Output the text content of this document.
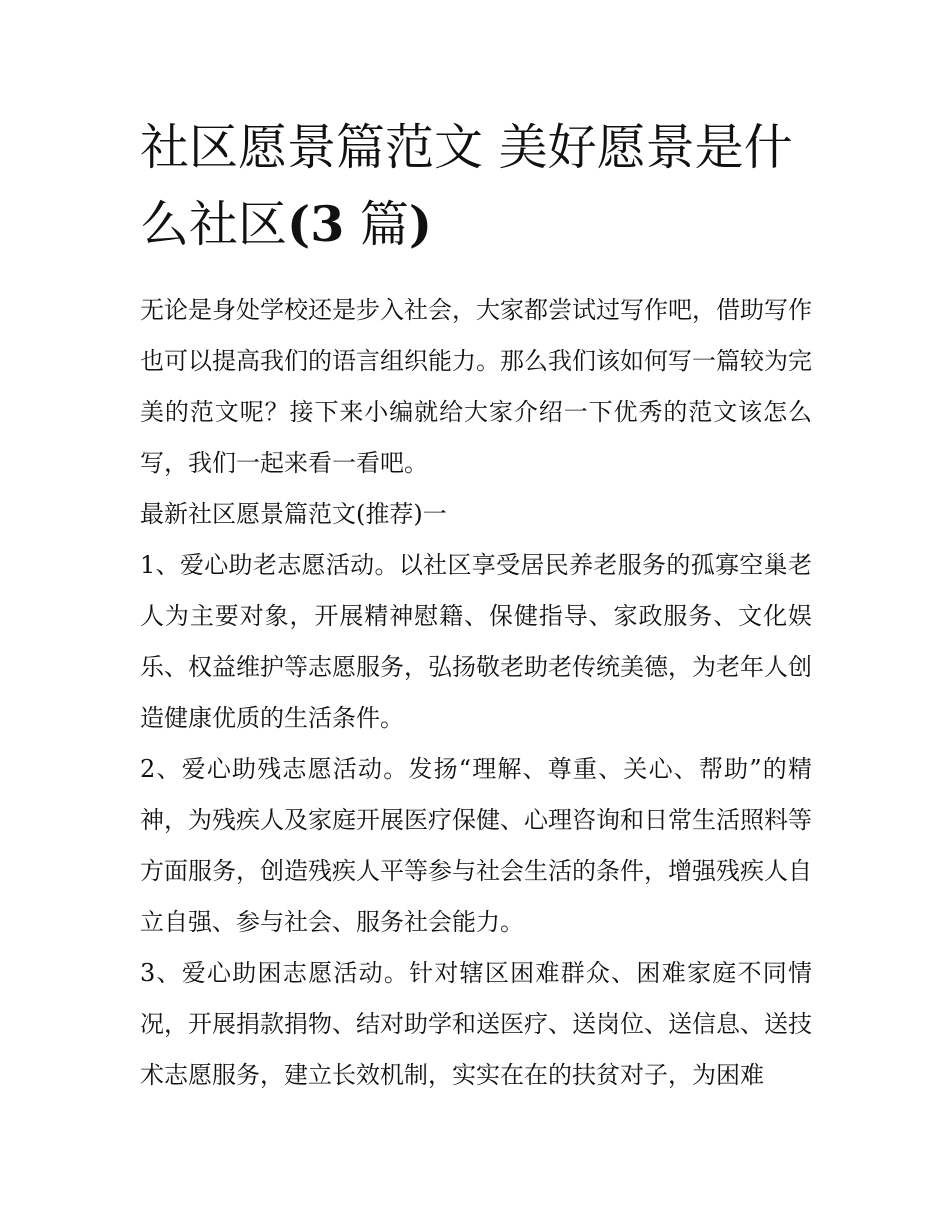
社区愿景篇范文 美好愿景是什么社区(3 篇)

无论是身处学校还是步入社会，大家都尝试过写作吧，借助写作也可以提高我们的语言组织能力。那么我们该如何写一篇较为完美的范文呢？接下来小编就给大家介绍一下优秀的范文该怎么写，我们一起来看一看吧。

最新社区愿景篇范文(推荐)一

1、爱心助老志愿活动。以社区享受居民养老服务的孤寡空巢老人为主要对象，开展精神慰籍、保健指导、家政服务、文化娱乐、权益维护等志愿服务，弘扬敬老助老传统美德，为老年人创造健康优质的生活条件。

2、爱心助残志愿活动。发扬“理解、尊重、关心、帮助”的精神，为残疾人及家庭开展医疗保健、心理咨询和日常生活照料等方面服务，创造残疾人平等参与社会生活的条件，增强残疾人自立自强、参与社会、服务社会能力。

3、爱心助困志愿活动。针对辖区困难群众、困难家庭不同情况，开展捐款捐物、结对助学和送医疗、送岗位、送信息、送技术志愿服务，建立长效机制，实实在在的扶贫对子，为困难
